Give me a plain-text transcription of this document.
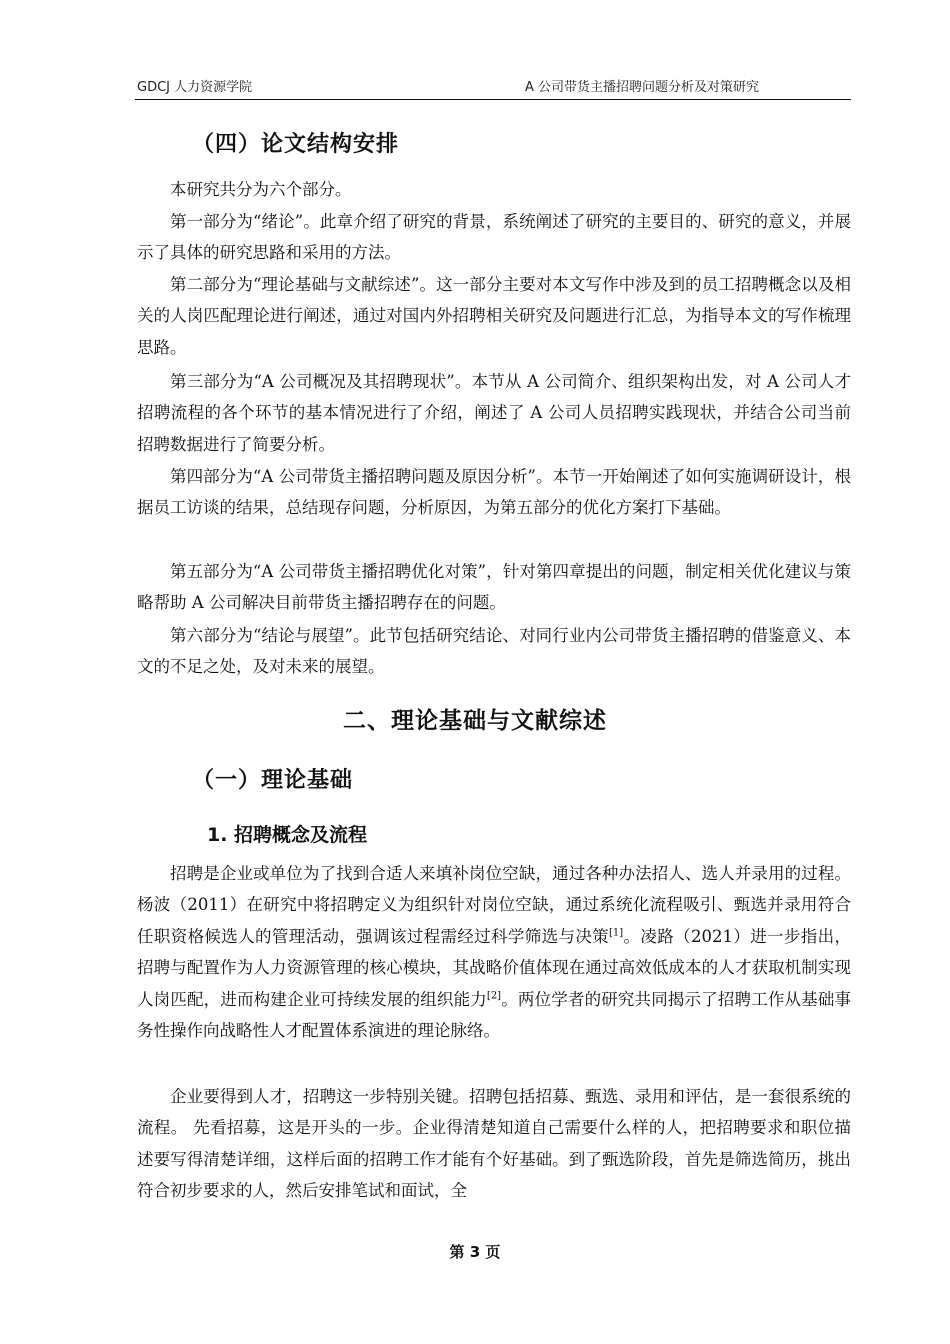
GDCJ 人力资源学院	A 公司带货主播招聘问题分析及对策研究
（四）论文结构安排

本研究共分为六个部分。

第一部分为“绪论”。此章介绍了研究的背景，系统阐述了研究的主要目的、研究的意义，并展示了具体的研究思路和采用的方法。

第二部分为“理论基础与文献综述”。这一部分主要对本文写作中涉及到的员工招聘概念以及相关的人岗匹配理论进行阐述，通过对国内外招聘相关研究及问题进行汇总，为指导本文的写作梳理思路。

第三部分为“A 公司概况及其招聘现状”。本节从 A 公司简介、组织架构出发，对 A 公司人才招聘流程的各个环节的基本情况进行了介绍，阐述了 A 公司人员招聘实践现状，并结合公司当前招聘数据进行了简要分析。

第四部分为“A 公司带货主播招聘问题及原因分析”。本节一开始阐述了如何实施调研设计，根据员工访谈的结果，总结现存问题，分析原因，为第五部分的优化方案打下基础。

第五部分为“A 公司带货主播招聘优化对策”，针对第四章提出的问题，制定相关优化建议与策略帮助 A 公司解决目前带货主播招聘存在的问题。

第六部分为“结论与展望”。此节包括研究结论、对同行业内公司带货主播招聘的借鉴意义、本文的不足之处，及对未来的展望。

二、理论基础与文献综述
（一）理论基础
1. 招聘概念及流程

招聘是企业或单位为了找到合适人来填补岗位空缺，通过各种办法招人、选人并录用的过程。杨波（2011）在研究中将招聘定义为组织针对岗位空缺，通过系统化流程吸引、甄选并录用符合任职资格候选人的管理活动，强调该过程需经过科学筛选与决策[1]。凌路（2021）进一步指出，招聘与配置作为人力资源管理的核心模块，其战略价值体现在通过高效低成本的人才获取机制实现人岗匹配，进而构建企业可持续发展的组织能力[2]。两位学者的研究共同揭示了招聘工作从基础事务性操作向战略性人才配置体系演进的理论脉络。

企业要得到人才，招聘这一步特别关键。招聘包括招募、甄选、录用和评估，是一套很系统的流程。 先看招募，这是开头的一步。企业得清楚知道自己需要什么样的人，把招聘要求和职位描述要写得清楚详细，这样后面的招聘工作才能有个好基础。到了甄选阶段，首先是筛选简历，挑出符合初步要求的人，然后安排笔试和面试，全

第 3 页
